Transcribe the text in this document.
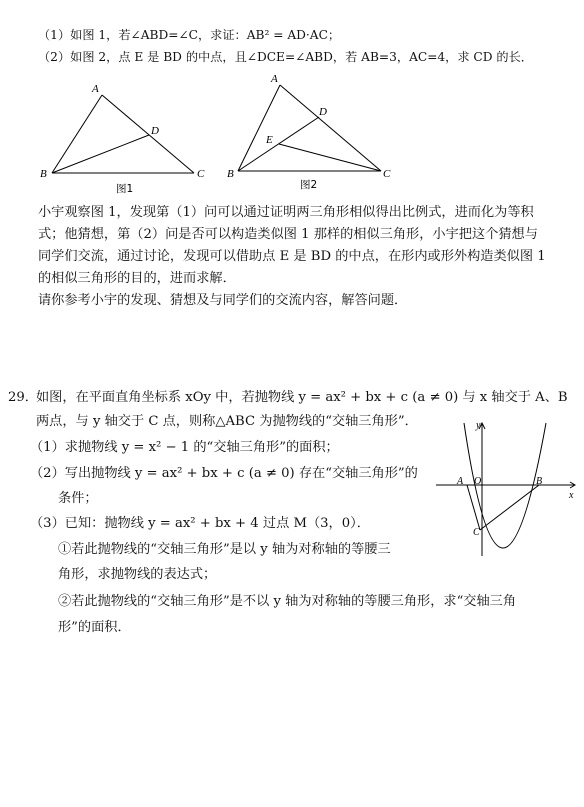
（1）如图 1，若∠ABD=∠C，求证：AB² = AD·AC；
（2）如图 2，点 E 是 BD 的中点，且∠DCE=∠ABD，若 AB=3，AC=4，求 CD 的长．
A
B	C
D
图1
A
B	C
D
E
图2
小宇观察图 1，发现第（1）问可以通过证明两三角形相似得出比例式，进而化为等积
式；他猜想，第（2）问是否可以构造类似图 1 那样的相似三角形，小宇把这个猜想与
同学们交流，通过讨论，发现可以借助点 E 是 BD 的中点，在形内或形外构造类似图 1
的相似三角形的目的，进而求解．
请你参考小宇的发现、猜想及与同学们的交流内容，解答问题．
29．
如图，在平面直角坐标系 xOy 中，若抛物线 y = ax² + bx + c (a ≠ 0) 与 x 轴交于 A、B
两点，与 y 轴交于 C 点，则称△ABC 为抛物线的“交轴三角形”．
（1）求抛物线 y = x² − 1 的“交轴三角形”的面积；
（2）写出抛物线 y = ax² + bx + c (a ≠ 0) 存在“交轴三角形”的
条件；
（3）已知：抛物线 y = ax² + bx + 4 过点 M（3，0）．
①若此抛物线的“交轴三角形”是以 y 轴为对称轴的等腰三
角形，求抛物线的表达式；
②若此抛物线的“交轴三角形”是不以 y 轴为对称轴的等腰三角形，求“交轴三角
形”的面积．
y
x
O
A	B
C
